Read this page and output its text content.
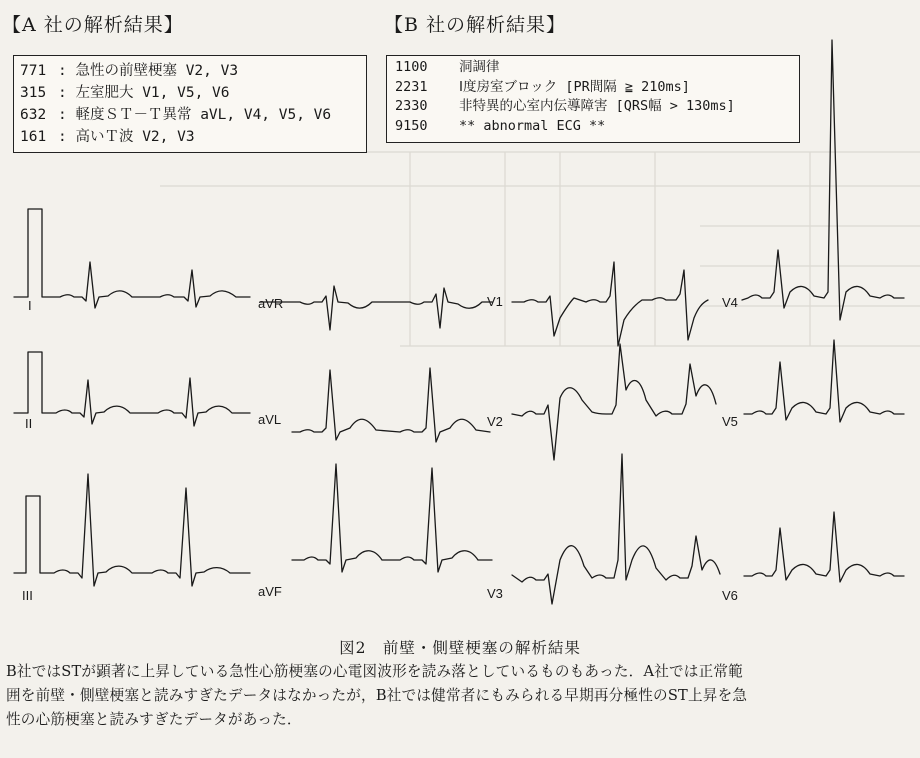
【A 社の解析結果】	【B 社の解析結果】
771 : 急性の前壁梗塞 V2, V3
315 : 左室肥大 V1, V5, V6
632 : 軽度ＳＴ－Ｔ異常 aVL, V4, V5, V6
161 : 高いＴ波 V2, V3
1100	洞調律
2231	Ⅰ度房室ブロック [PR間隔 ≧ 210ms]
2330	非特異的心室内伝導障害 [QRS幅 > 130ms]
9150	** abnormal ECG **
I
II
III
aVR
aVL
aVF
V1
V2
V3
V4
V5
V6
図2　前壁・側壁梗塞の解析結果
B社ではSTが顕著に上昇している急性心筋梗塞の心電図波形を読み落としているものもあった．A社では正常範
囲を前壁・側壁梗塞と読みすぎたデータはなかったが，B社では健常者にもみられる早期再分極性のST上昇を急
性の心筋梗塞と読みすぎたデータがあった．
